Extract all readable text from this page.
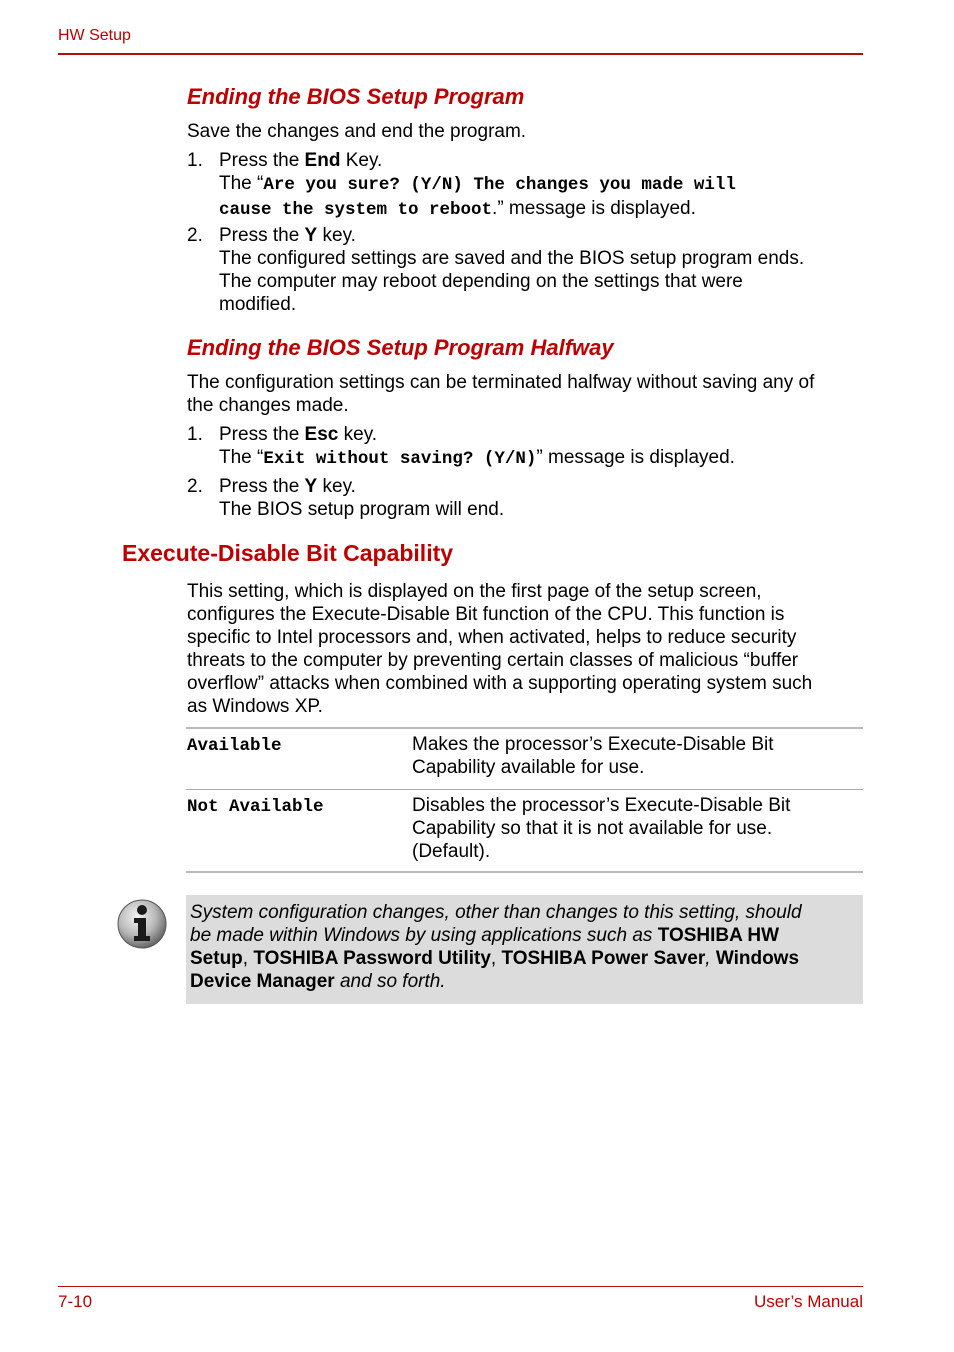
HW Setup
Ending the BIOS Setup Program
Save the changes and end the program.
1. Press the End Key.
The “Are you sure? (Y/N) The changes you made will
cause the system to reboot.” message is displayed.
2. Press the Y key.
The configured settings are saved and the BIOS setup program ends.
The computer may reboot depending on the settings that were
modified.
Ending the BIOS Setup Program Halfway
The configuration settings can be terminated halfway without saving any of
the changes made.
1. Press the Esc key.
The “Exit without saving? (Y/N)” message is displayed.
2. Press the Y key.
The BIOS setup program will end.
Execute-Disable Bit Capability
This setting, which is displayed on the first page of the setup screen,
configures the Execute-Disable Bit function of the CPU. This function is
specific to Intel processors and, when activated, helps to reduce security
threats to the computer by preventing certain classes of malicious “buffer
overflow” attacks when combined with a supporting operating system such
as Windows XP.
Available	Makes the processor’s Execute-Disable Bit
Capability available for use.
Not Available	Disables the processor’s Execute-Disable Bit
Capability so that it is not available for use.
(Default).
System configuration changes, other than changes to this setting, should
be made within Windows by using applications such as TOSHIBA HW
Setup, TOSHIBA Password Utility, TOSHIBA Power Saver, Windows
Device Manager and so forth.
7-10	User’s Manual
